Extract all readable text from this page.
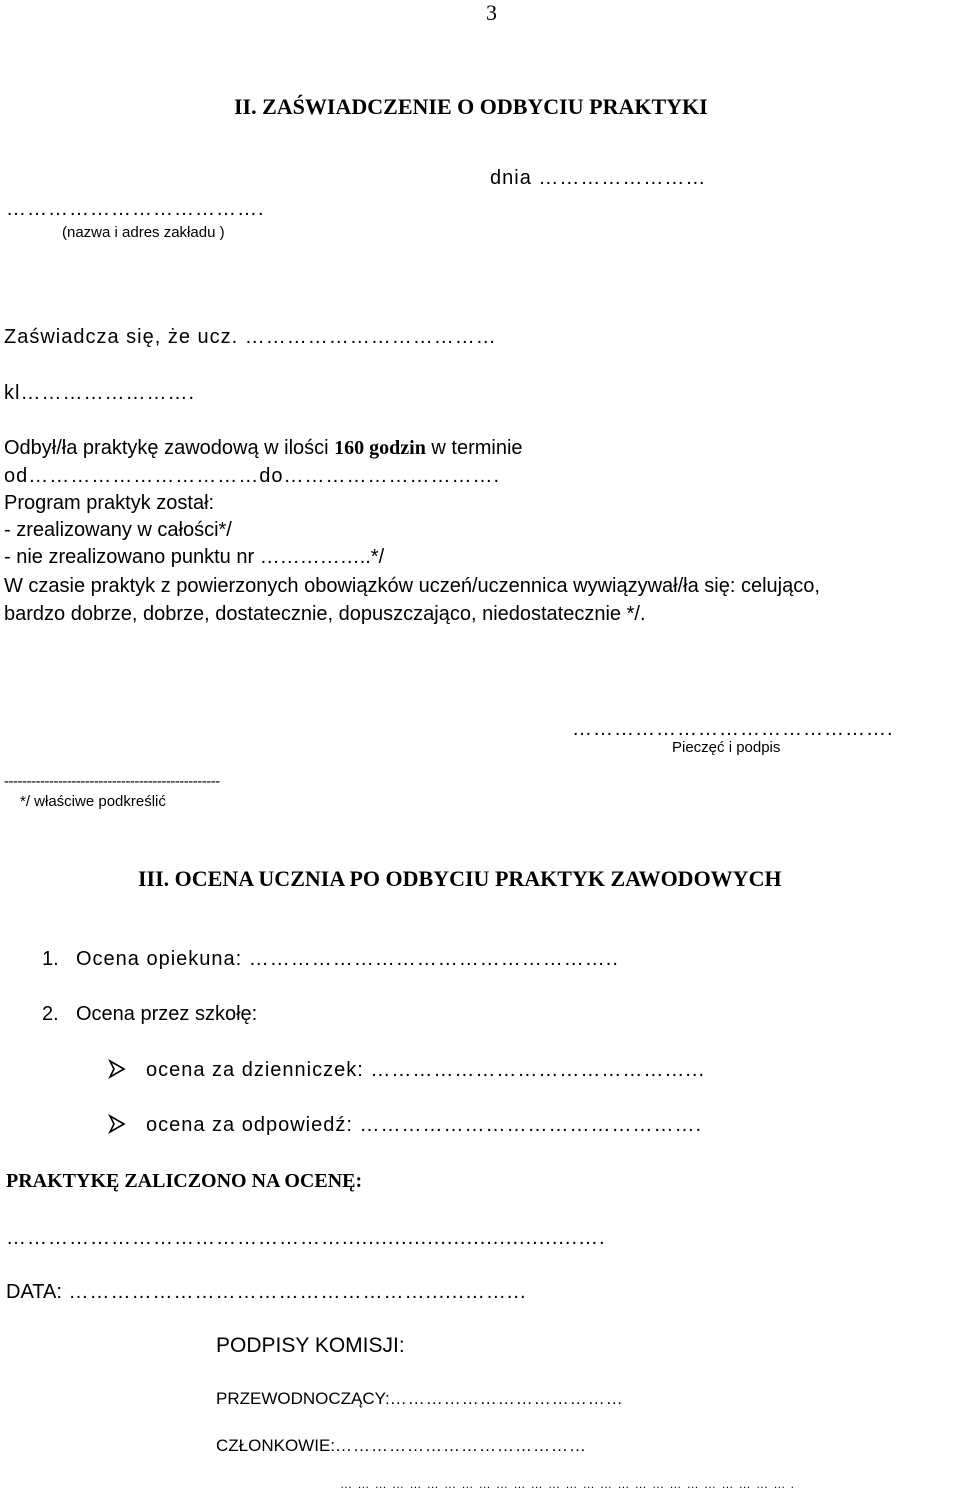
3
II. ZAŚWIADCZENIE O ODBYCIU PRAKTYKI
dnia ……………………
……………………………….
(nazwa i adres zakładu )
Zaświadcza się, że ucz. ………………………………
kl…………………….
Odbył/ła praktykę zawodową w ilości 160 godzin w terminie
od……………………………do………………………….
Program praktyk został:
- zrealizowany w całości*/
- nie zrealizowano punktu nr ……………..*/
W czasie praktyk z powierzonych obowiązków uczeń/uczennica wywiązywał/ła się: celująco,
bardzo dobrze, dobrze, dostatecznie, dopuszczająco, niedostatecznie */.
……………………………………….
Pieczęć i podpis
------------------------------------------------
*/ właściwe podkreślić
III. OCENA UCZNIA PO ODBYCIU PRAKTYK ZAWODOWYCH
1. Ocena opiekuna: ……………………………………………..
2. Ocena przez szkołę:
ocena za dzienniczek: ………………………………………...
ocena za odpowiedź: ………………………………………….
PRAKTYKĘ ZALICZONO NA OCENĘ:
…………………………………………....................................….
DATA: ……………………………………………......……...
PODPISY KOMISJI:
PRZEWODNOCZĄCY:…………………………………
CZŁONKOWIE:……………………………………
… … … … … … … … … … … … … … … … … … … … … … … … … … .
